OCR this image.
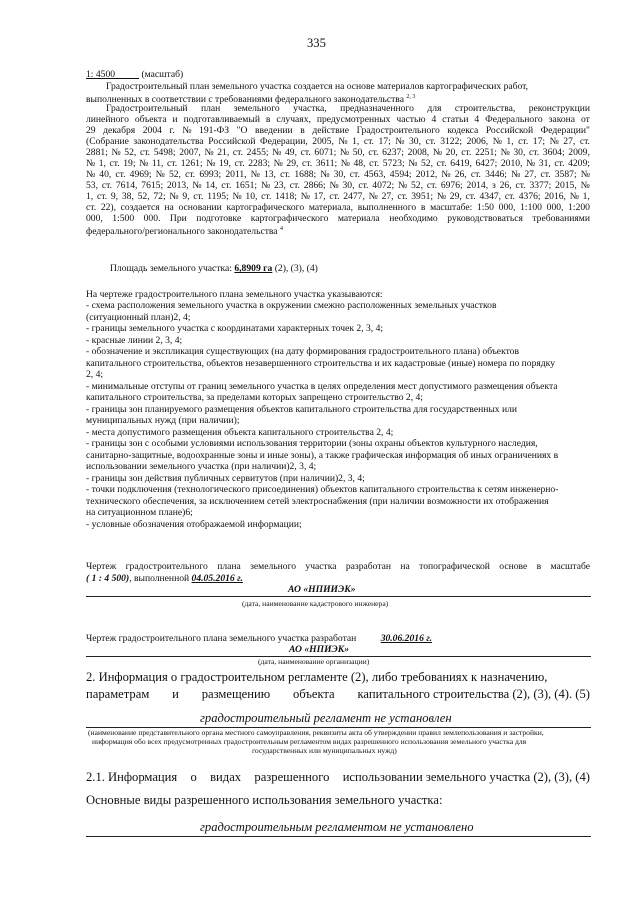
335
1: 4500	(масштаб)
Градостроительный план земельного участка создается на основе материалов картографических работ,
выполненных в соответствии с требованиями федерального законодательства $^{2, 3}$
Градостроительный план земельного участка, предназначенного для строительства, реконструкции
линейного объекта и подготавливаемый в случаях, предусмотренных частью 4 статьи 4 Федерального закона от
29 декабря 2004 г. № 191-ФЗ "О введении в действие Градостроительного кодекса Российской Федерации"
(Собрание законодательства Российской Федерации, 2005, № 1, ст. 17; № 30, ст. 3122; 2006, № 1, ст. 17; № 27, ст.
2881; № 52, ст. 5498; 2007, № 21, ст. 2455; № 49, ст. 6071; № 50, ст. 6237; 2008, № 20, ст. 2251; № 30, ст. 3604; 2009,
№ 1, ст. 19; № 11, ст. 1261; № 19, ст. 2283; № 29, ст. 3611; № 48, ст. 5723; № 52, ст. 6419, 6427; 2010, № 31, ст. 4209;
№ 40, ст. 4969; № 52, ст. 6993; 2011, № 13, ст. 1688; № 30, ст. 4563, 4594; 2012, № 26, ст. 3446; № 27, ст. 3587; №
53, ст. 7614, 7615; 2013, № 14, ст. 1651; № 23, ст. 2866; № 30, ст. 4072; № 52, ст. 6976; 2014, з 26, ст. 3377; 2015, №
1, ст. 9, 38, 52, 72; № 9, ст. 1195; № 10, ст. 1418; № 17, ст. 2477, № 27, ст. 3951; № 29, ст. 4347, ст. 4376; 2016, № 1,
ст. 22), создается на основании картографического материала, выполненного в масштабе: 1:50 000, 1:100 000, 1:200
000, 1:500 000. При подготовке картографического материала необходимо руководствоваться требованиями
федерального/регионального законодательства $^4$
Площадь земельного участка: 6,8909 га (2), (3), (4)
На чертеже градостроительного плана земельного участка указываются:
- схема расположения земельного участка в окружении смежно расположенных земельных участков
(ситуационный план)2, 4;
- границы земельного участка с координатами характерных точек 2, 3, 4;
- красные линии 2, 3, 4;
- обозначение и экспликация существующих (на дату формирования градостроительного плана) объектов
капитального строительства, объектов незавершенного строительства и их кадастровые (иные) номера по порядку
2, 4;
- минимальные отступы от границ земельного участка в целях определения мест допустимого размещения объекта
капитального строительства, за пределами которых запрещено строительство 2, 4;
- границы зон планируемого размещения объектов капитального строительства для государственных или
муниципальных нужд (при наличии);
- места допустимого размещения объекта капитального строительства 2, 4;
- границы зон с особыми условиями использования территории (зоны охраны объектов культурного наследия,
санитарно-защитные, водоохранные зоны и иные зоны), а также графическая информация об иных ограничениях в
использовании земельного участка (при наличии)2, 3, 4;
- границы зон действия публичных сервитутов (при наличии)2, 3, 4;
- точки подключения (технологического присоединения) объектов капитального строительства к сетям инженерно-
технического обеспечения, за исключением сетей электроснабжения (при наличии возможности их отображения
на ситуационном плане)6;
- условные обозначения отображаемой информации;
Чертеж градостроительного плана земельного участка разработан на топографической основе в масштабе
( 1 : 4 500), выполненной 04.05.2016 г.
АО «НПИИЭК»
(дата, наименование кадастрового инженера)
Чертеж градостроительного плана земельного участка разработан	30.06.2016 г.
АО «НПИЭК»
(дата, наименование организации)
2. Информация о градостроительном регламенте (2), либо требованиях к назначению,
параметрам и размещению объекта капитального строительства (2), (3), (4). (5)
градостроительный регламент не установлен
(наименование представительного органа местного самоуправления, реквизиты акта об утверждении правил землепользования и застройки,
информация обо всех предусмотренных градостроительным регламентом видах разрешенного использования земельного участка для
государственных или муниципальных нужд)
2.1. Информация о видах разрешенного использовании земельного участка (2), (3), (4)
Основные виды разрешенного использования земельного участка:
градостроительным регламентом не установлено
